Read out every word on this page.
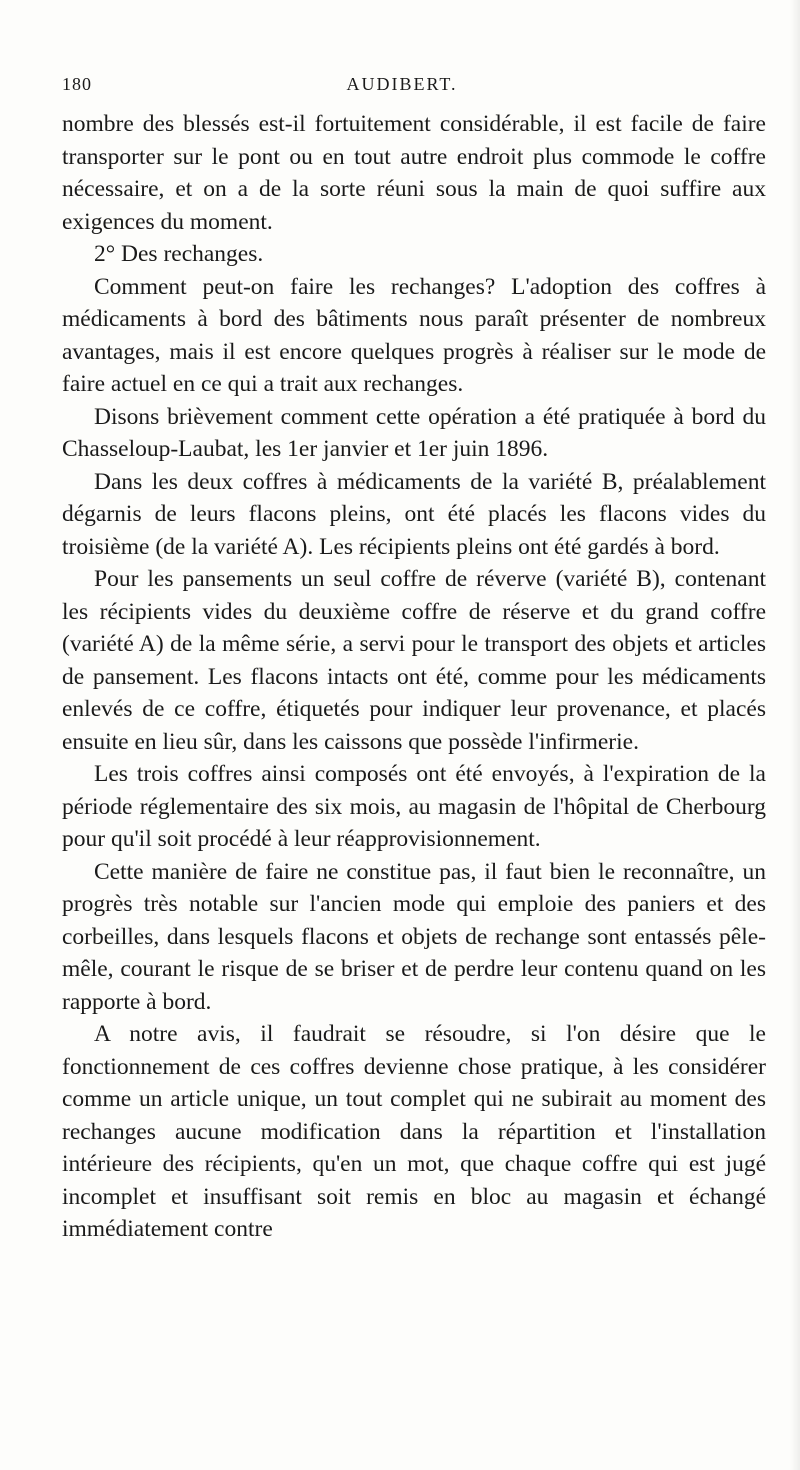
180	AUDIBERT.

nombre des blessés est-il fortuitement considérable, il est facile de faire transporter sur le pont ou en tout autre endroit plus commode le coffre nécessaire, et on a de la sorte réuni sous la main de quoi suffire aux exigences du moment.

2° Des rechanges.

Comment peut-on faire les rechanges? L'adoption des coffres à médicaments à bord des bâtiments nous paraît présenter de nombreux avantages, mais il est encore quelques progrès à réaliser sur le mode de faire actuel en ce qui a trait aux rechanges.

Disons brièvement comment cette opération a été pratiquée à bord du Chasseloup-Laubat, les 1er janvier et 1er juin 1896.

Dans les deux coffres à médicaments de la variété B, préalablement dégarnis de leurs flacons pleins, ont été placés les flacons vides du troisième (de la variété A). Les récipients pleins ont été gardés à bord.

Pour les pansements un seul coffre de réverve (variété B), contenant les récipients vides du deuxième coffre de réserve et du grand coffre (variété A) de la même série, a servi pour le transport des objets et articles de pansement. Les flacons intacts ont été, comme pour les médicaments enlevés de ce coffre, étiquetés pour indiquer leur provenance, et placés ensuite en lieu sûr, dans les caissons que possède l'infirmerie.

Les trois coffres ainsi composés ont été envoyés, à l'expiration de la période réglementaire des six mois, au magasin de l'hôpital de Cherbourg pour qu'il soit procédé à leur réapprovisionnement.

Cette manière de faire ne constitue pas, il faut bien le reconnaître, un progrès très notable sur l'ancien mode qui emploie des paniers et des corbeilles, dans lesquels flacons et objets de rechange sont entassés pêle-mêle, courant le risque de se briser et de perdre leur contenu quand on les rapporte à bord.

A notre avis, il faudrait se résoudre, si l'on désire que le fonctionnement de ces coffres devienne chose pratique, à les considérer comme un article unique, un tout complet qui ne subirait au moment des rechanges aucune modification dans la répartition et l'installation intérieure des récipients, qu'en un mot, que chaque coffre qui est jugé incomplet et insuffisant soit remis en bloc au magasin et échangé immédiatement contre
